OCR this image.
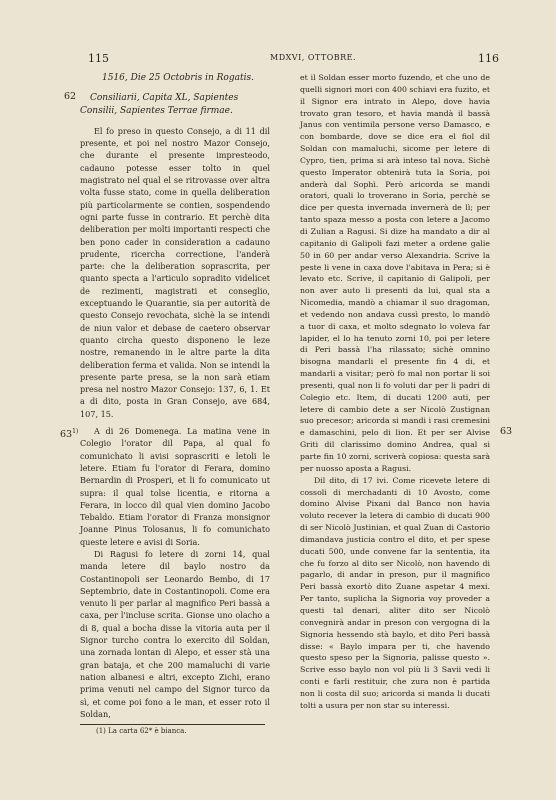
115	MDXVI, OTTOBRE.	116
62
63$^{1)}$	63

1516, Die 25 Octobris in Rogatis.

Consiliarii, Capita XL, Sapientes Consilii, Sapientes Terrae firmae.

El fo preso in questo Consejo, a di 11 dil presente, et poi nel nostro Mazor Consejo, che durante el presente impresteodo, cadauno potesse esser tolto in quel magistrato nel qual el se ritrovasse over altra volta fusse stato, come in quella deliberation più particolarmente se contien, sospendendo ogni parte fusse in contrario. Et perchè dita deliberation per molti importanti respecti che ben pono cader in consideration a cadauno prudente, ricercha correctione, l'anderà parte: che la deliberation soprascrita, per quanto specta a l'articulo sopradito videlicet de rezimenti, magistrati et conseglio, exceptuando le Quarantie, sia per autorità de questo Consejo revochata, sichè la se intendi de niun valor et debase de caetero observar quanto circha questo disponeno le leze nostre, remanendo in le altre parte la dita deliberation ferma et valida. Non se intendi la presente parte presa, se la non sarà etiam presa nel nostro Mazor Consejo: 137, 6, 1. Et a di dito, posta in Gran Consejo, ave 684, 107, 15.

A di 26 Domenega. La matina vene in Colegio l'orator dil Papa, al qual fo comunichato li avisi soprascriti e letoli le letere. Etiam fu l'orator di Ferara, domino Bernardin di Prosperi, et li fo comunicato ut supra: il qual tolse licentia, e ritorna a Ferara, in locco dil qual vien domino Jacobo Tebaldo. Etiam l'orator di Franza monsignor Joanne Pinus Tolosanus, li fo comunichato queste letere e avisi di Soria.

Di Ragusi fo letere di zorni 14, qual manda letere dil baylo nostro da Costantinopoli ser Leonardo Bembo, di 17 Septembrio, date in Costantinopoli. Come era venuto li per parlar al magnifico Peri bassà a caxa, per l'incluse scrita. Gionse uno olacho a di 8, qual a bocha disse la vitoria auta per il Signor turcho contra lo exercito dil Soldan, una zornada lontan di Alepo, et esser stà una gran bataja, et che 200 mamaluchi di varie nation albanesi e altri, excepto Zichi, erano prima venuti nel campo del Signor turco da sì, et come poi fono a le man, et esser roto il Soldan,

et il Soldan esser morto fuzendo, et che uno de quelli signori mori con 400 schiavi era fuzito, et il Signor era intrato in Alepo, dove havia trovato gran tesoro, et havia mandà il bassà Janus con ventimila persone verso Damasco, e con bombarde, dove se dice era el fiol dil Soldan con mamaluchi, sicome per letere di Cypro, tien, prima si arà inteso tal nova. Sichè questo Imperator obtenirà tuta la Soria, poi anderà dal Sophì. Però aricorda se mandi oratori, quali lo troverano in Soria, perchè se dice per questa invernada invernerà de lì; per tanto spaza messo a posta con letere a Jacomo di Zulian a Ragusi. Si dize ha mandato a dir al capitanio di Galipoli fazi meter a ordene galie 50 in 60 per andar verso Alexandria. Scrive la peste li vene in caxa dove l'abitava in Pera; si è levato etc. Scrive, il capitanio di Galipoli, per non aver auto li presenti da lui, qual sta a Nicomedia, mandò a chiamar il suo dragoman, et vedendo non andava cussì presto, lo mandò a tuor di caxa, et molto sdegnato lo voleva far lapider, el lo ha tenuto zorni 10, poi per letere di Peri bassà l'ha rilassato; sichè omnino bisogna mandarli el presente fin 4 di, et mandarli a visitar; però fo mal non portar li soi presenti, qual non li fo voluti dar per li padri di Colegio etc. Item, di ducati 1200 auti, per letere di cambio dete a ser Nicolò Zustignan suo precesor; aricorda si mandi i rasi cremesini e damaschini, pelo di lion. Et per ser Alvise Griti dil clarissimo domino Andrea, qual si parte fin 10 zorni, scriverà copiosa: questa sarà per nuosso aposta a Ragusi.

Dil dito, di 17 ivi. Come ricevete letere di cossoli di merchadanti di 10 Avosto, come domino Alvise Pixani dal Banco non havia voluto recever la letera di cambio di ducati 900 di ser Nicolò Justinian, et qual Zuan di Castorio dimandava justicia contro el dito, et per spese ducati 500, unde convene far la sententia, ita che fu forzo al dito ser Nicolò, non havendo di pagarlo, di andar in preson, pur il magnifico Peri bassà exortò dito Zuane aspetar 4 mexi. Per tanto, suplicha la Signoria voy proveder a questi tal denari, aliter dito ser Nicolò convegnirà andar in preson con vergogna di la Signoria hessendo stà baylo, et dito Peri bassà disse: « Baylo impara per ti, che havendo questo speso per la Signoria, palisse questo ». Scrive esso baylo non vol più li 3 Savii vedi li conti e farli restituir, che zura non è partida non li costa dil suo; aricorda si manda li ducati tolti a usura per non star su interessi.

(1) La carta 62* è bianca.
